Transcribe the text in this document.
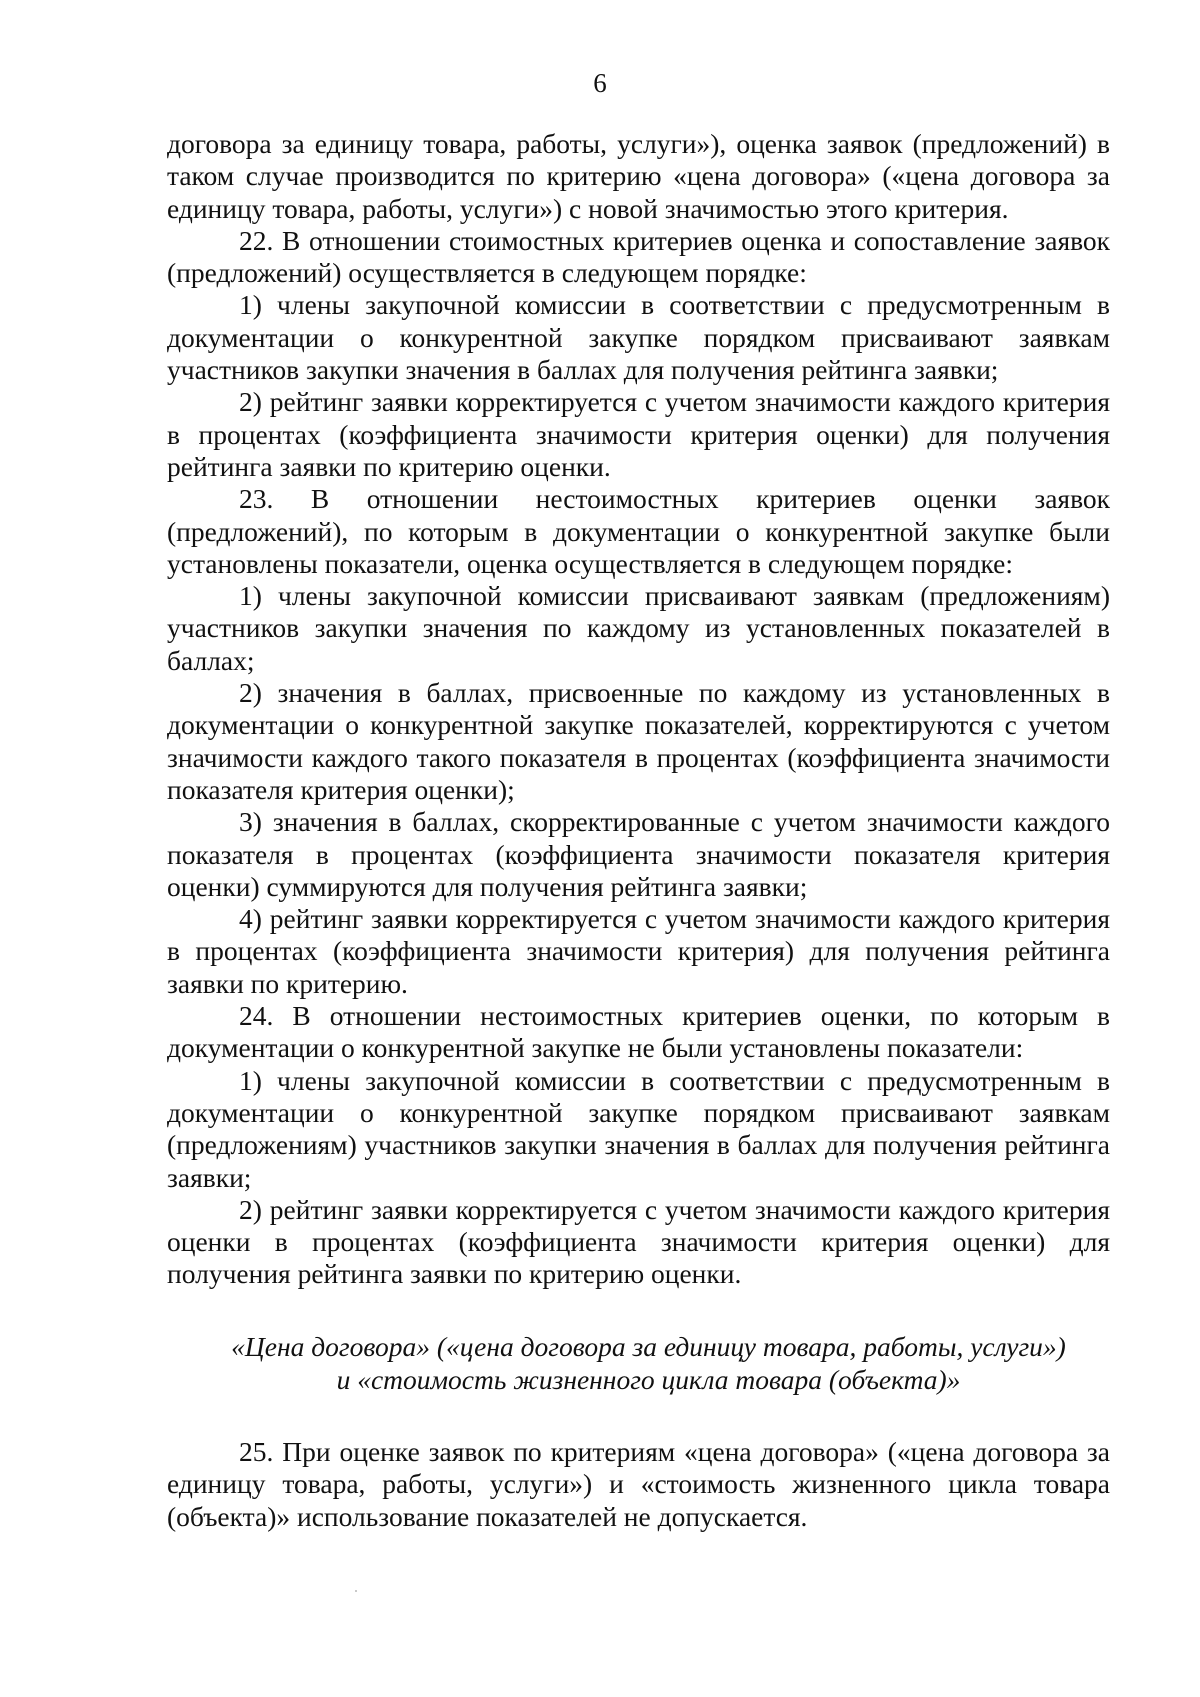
6

договора за единицу товара, работы, услуги»), оценка заявок (предложений) в таком случае производится по критерию «цена договора» («цена договора за единицу товара, работы, услуги») с новой значимостью этого критерия.

22. В отношении стоимостных критериев оценка и сопоставление заявок (предложений) осуществляется в следующем порядке:

1) члены закупочной комиссии в соответствии с предусмотренным в документации о конкурентной закупке порядком присваивают заявкам участников закупки значения в баллах для получения рейтинга заявки;

2) рейтинг заявки корректируется с учетом значимости каждого критерия в процентах (коэффициента значимости критерия оценки) для получения рейтинга заявки по критерию оценки.

23. В отношении нестоимостных критериев оценки заявок (предложений), по которым в документации о конкурентной закупке были установлены показатели, оценка осуществляется в следующем порядке:

1) члены закупочной комиссии присваивают заявкам (предложениям) участников закупки значения по каждому из установленных показателей в баллах;

2) значения в баллах, присвоенные по каждому из установленных в документации о конкурентной закупке показателей, корректируются с учетом значимости каждого такого показателя в процентах (коэффициента значимости показателя критерия оценки);

3) значения в баллах, скорректированные с учетом значимости каждого показателя в процентах (коэффициента значимости показателя критерия оценки) суммируются для получения рейтинга заявки;

4) рейтинг заявки корректируется с учетом значимости каждого критерия в процентах (коэффициента значимости критерия) для получения рейтинга заявки по критерию.

24. В отношении нестоимостных критериев оценки, по которым в документации о конкурентной закупке не были установлены показатели:

1) члены закупочной комиссии в соответствии с предусмотренным в документации о конкурентной закупке порядком присваивают заявкам (предложениям) участников закупки значения в баллах для получения рейтинга заявки;

2) рейтинг заявки корректируется с учетом значимости каждого критерия оценки в процентах (коэффициента значимости критерия оценки) для получения рейтинга заявки по критерию оценки.

«Цена договора» («цена договора за единицу товара, работы, услуги»)
и «стоимость жизненного цикла товара (объекта)»

25. При оценке заявок по критериям «цена договора» («цена договора за единицу товара, работы, услуги») и «стоимость жизненного цикла товара (объекта)» использование показателей не допускается.
